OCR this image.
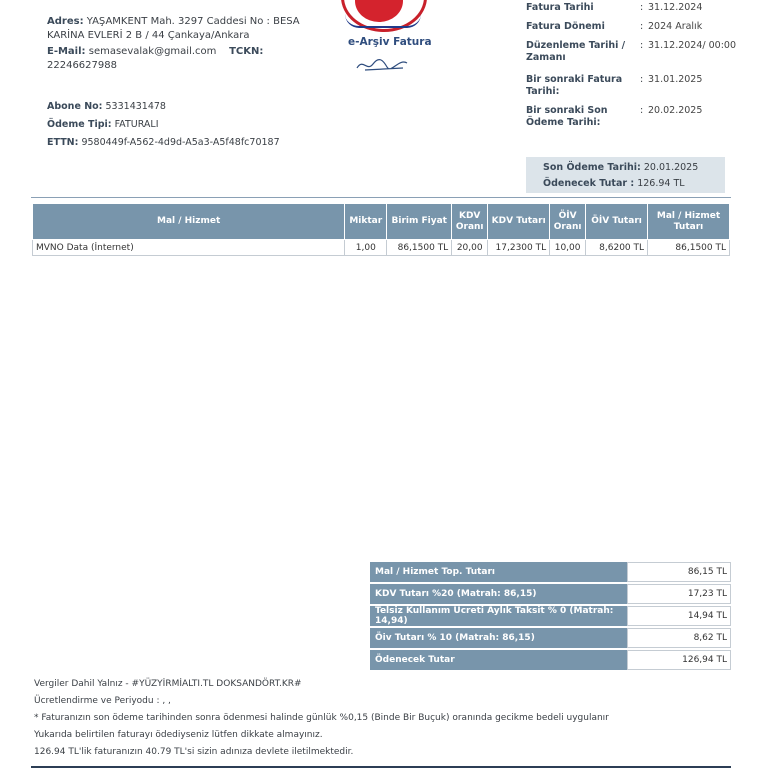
Adres: YAŞAMKENT Mah. 3297 Caddesi No : BESA KARİNA EVLERİ 2 B / 44 Çankaya/Ankara
E-Mail: semasevalak@gmail.com TCKN: 22246627988
e-Arşiv Fatura
Fatura Tarihi	: 31.12.2024
Fatura Dönemi	: 2024 Aralık
Düzenleme Tarihi / Zamanı
: 31.12.2024/ 00:00
Bir sonraki Fatura Tarihi:
: 31.01.2025
Bir sonraki Son Ödeme Tarihi:
: 20.02.2025
Abone No: 5331431478
Ödeme Tipi: FATURALI
ETTN: 9580449f-A562-4d9d-A5a3-A5f48fc70187
Son Ödeme Tarihi: 20.01.2025
Ödenecek Tutar : 126.94 TL
Mal / Hizmet	Miktar	Birim Fiyat	KDV Oranı	KDV Tutarı	ÖİV Oranı	ÖİV Tutarı	Mal / Hizmet Tutarı
MVNO Data (İnternet)	1,00	86,1500 TL	20,00	17,2300 TL	10,00	8,6200 TL	86,1500 TL
Mal / Hizmet Top. Tutarı	86,15 TL
KDV Tutarı %20 (Matrah: 86,15)	17,23 TL
Telsiz Kullanım Ücreti Aylık Taksit % 0 (Matrah: 14,94)	14,94 TL
Öiv Tutarı % 10 (Matrah: 86,15)	8,62 TL
Ödenecek Tutar	126,94 TL
Vergiler Dahil Yalnız - #YÜZYİRMİALTI.TL DOKSANDÖRT.KR#
Ücretlendirme ve Periyodu : , ,
* Faturanızın son ödeme tarihinden sonra ödenmesi halinde günlük %0,15 (Binde Bir Buçuk) oranında gecikme bedeli uygulanır
Yukarıda belirtilen faturayı ödediyseniz lütfen dikkate almayınız.
126.94 TL'lik faturanızın 40.79 TL'si sizin adınıza devlete iletilmektedir.
